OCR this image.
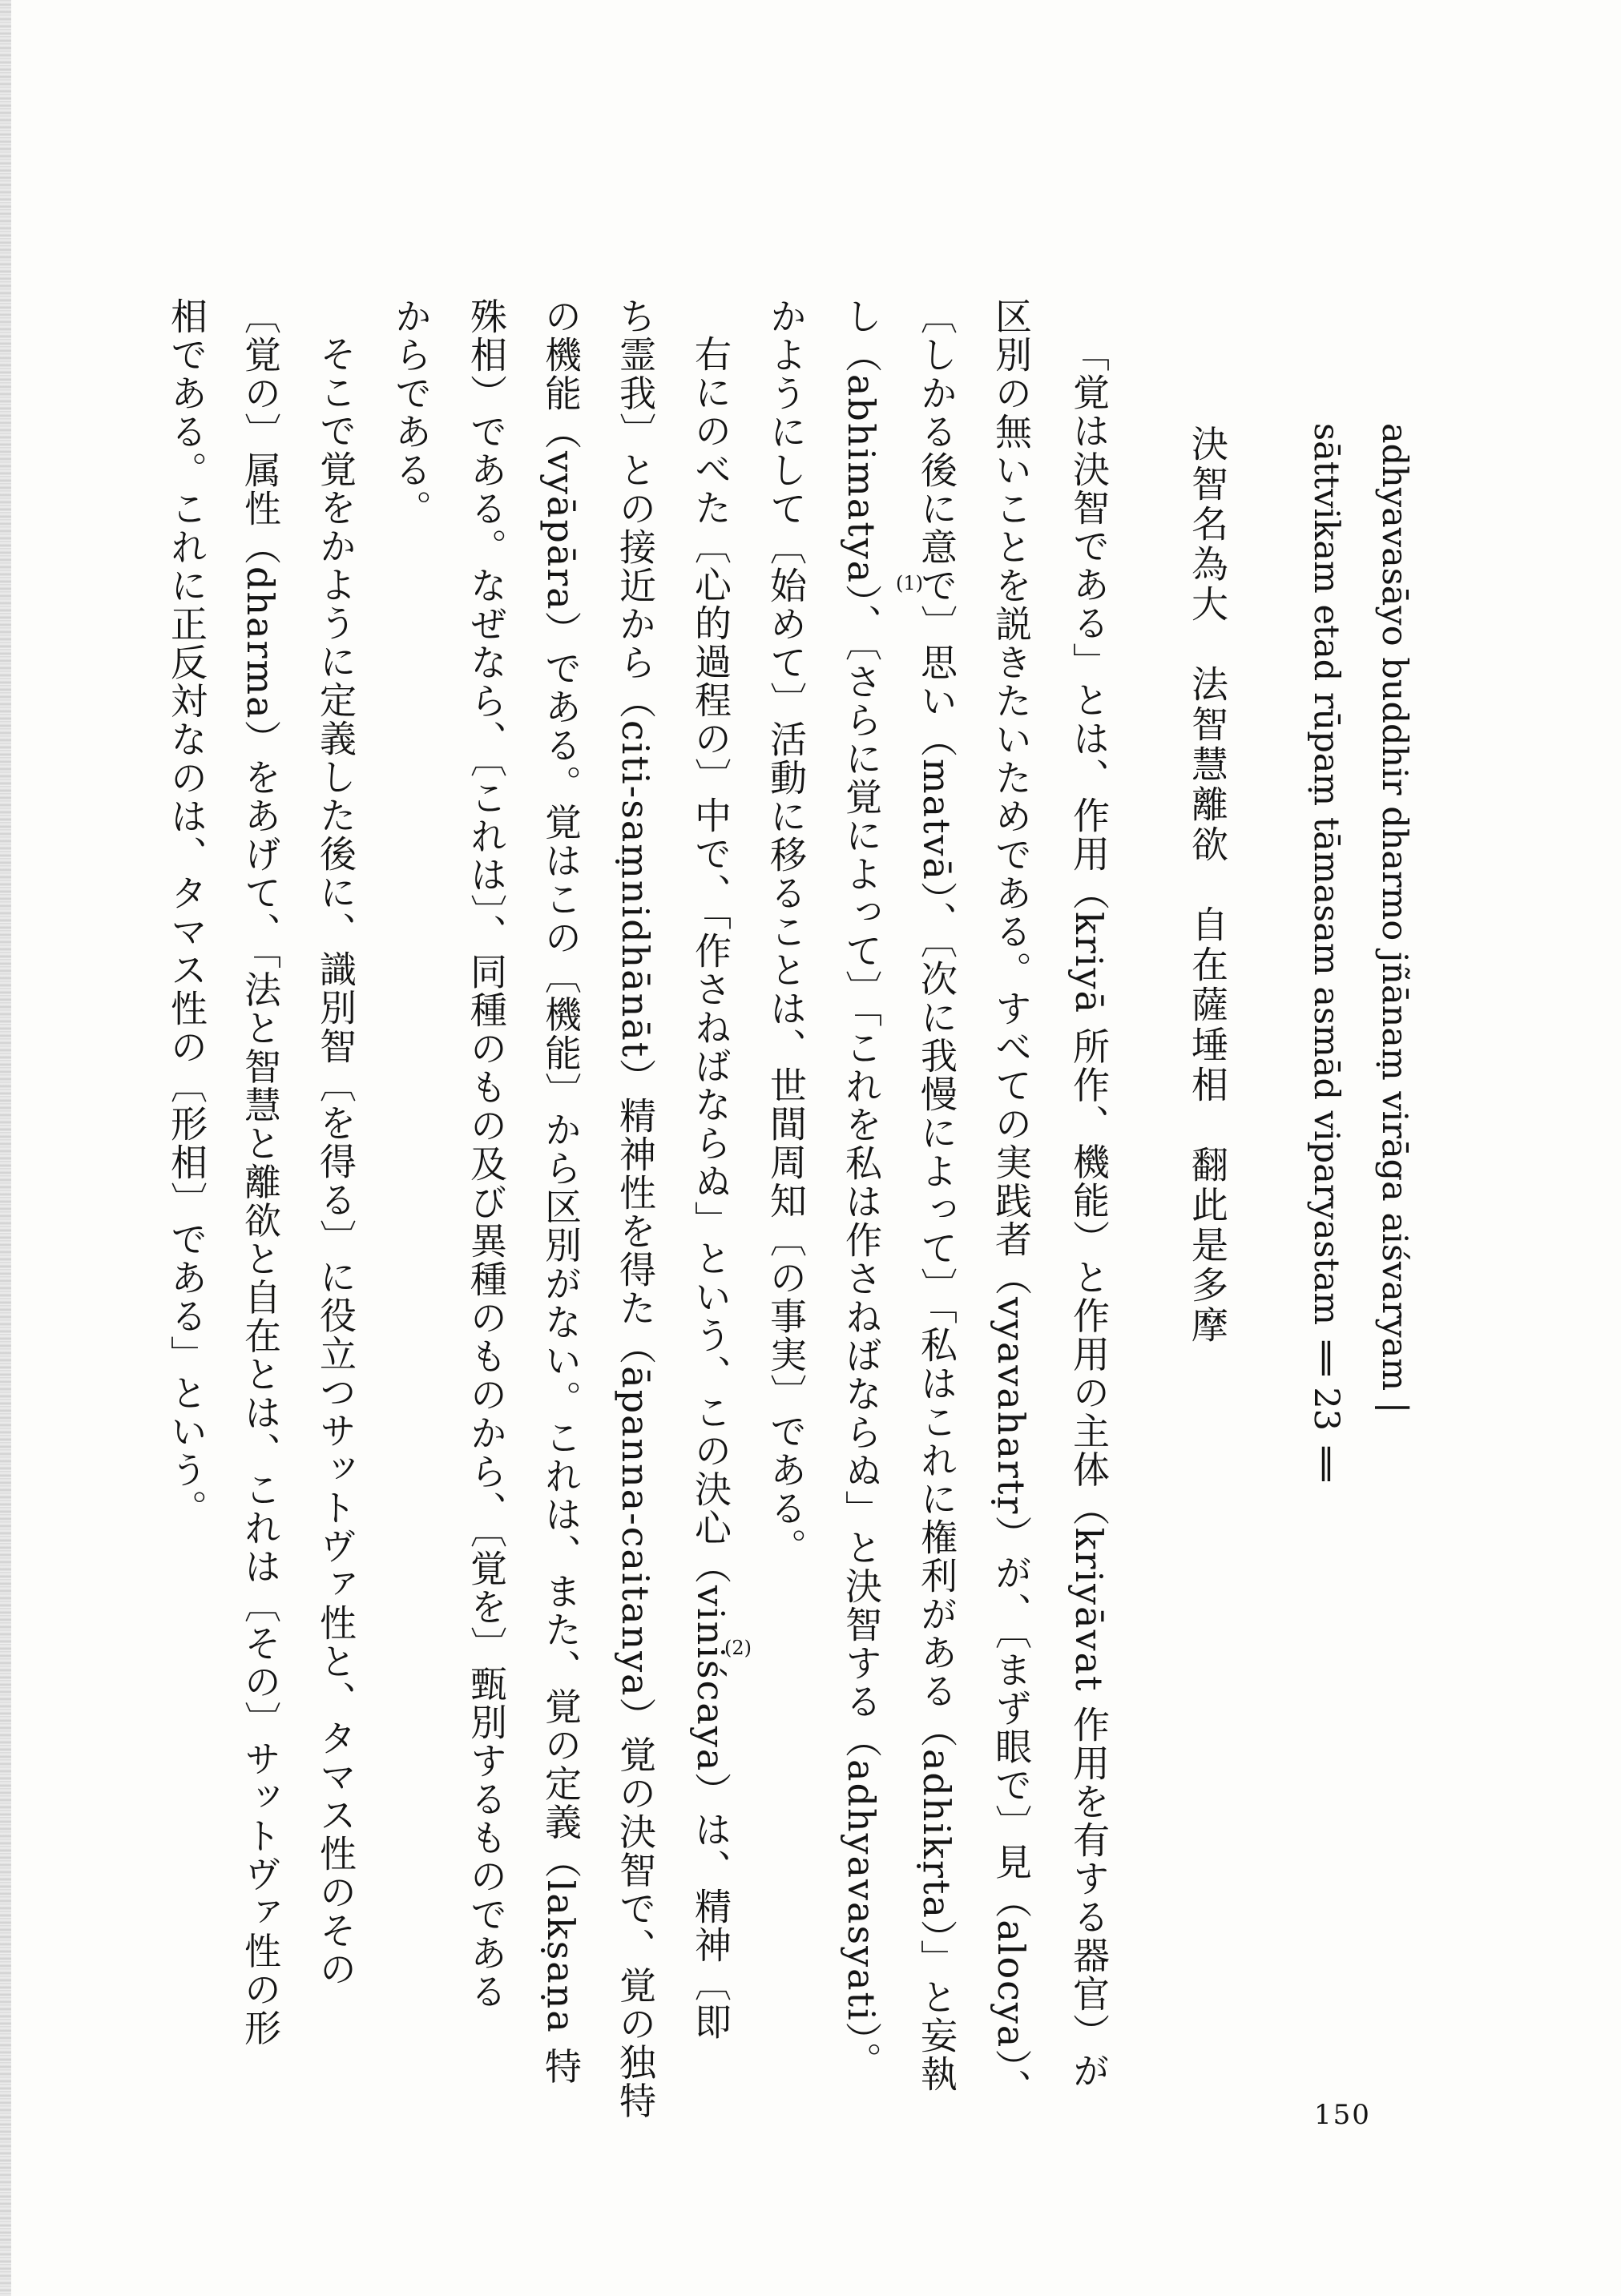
adhyavasāyo buddhir dharmo jñānaṃ virāga aiśvaryam |
sāttvikam etad rūpaṃ tāmasam asmād viparyastam ‖ 23 ‖
決智名為大　法智慧離欲　自在薩埵相　翻此是多摩
「覚は決智である」とは、作用（kriyā 所作、機能）と作用の主体（kriyāvat 作用を有する器官）が
区別の無いことを説きたいためである。すべての実践者（vyavahartṛ）が、〔まず眼で〕見（alocya）、
〔しかる後に意で〕思い（matvā）、〔次に我慢によって〕「私はこれに権利がある（adhikṛta）」と妄執
し（abhimatya）、〔さらに覚によって〕「これを私は作さねばならぬ」と決智する（adhyavasyati）。
かようにして〔始めて〕活動に移ることは、世間周知〔の事実〕である。
右にのべた〔心的過程の〕中で、「作さねばならぬ」という、この決心（viniścaya）は、精神〔即
ち霊我〕との接近から（citi-saṃnidhānāt）精神性を得た（āpanna-caitanya）覚の決智で、覚の独特
の機能（vyāpāra）である。覚はこの〔機能〕から区別がない。これは、また、覚の定義（lakṣaṇa 特
殊相）である。なぜなら、〔これは〕、同種のもの及び異種のものから、〔覚を〕甄別するものである
からである。
そこで覚をかように定義した後に、識別智〔を得る〕に役立つサットヴァ性と、タマス性のその
〔覚の〕属性（dharma）をあげて、「法と智慧と離欲と自在とは、これは〔その〕サットヴァ性の形
相である。これに正反対なのは、タマス性の〔形相〕である」という。	(1)
(2)
150
